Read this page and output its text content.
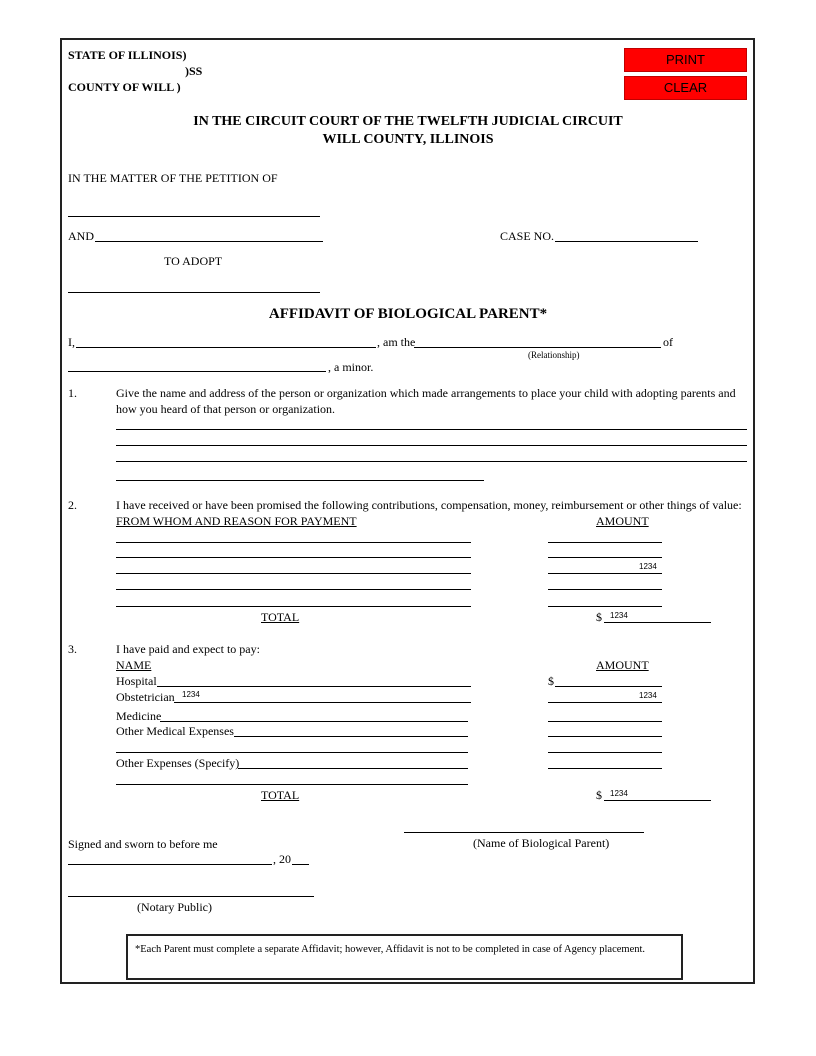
STATE OF ILLINOIS)
)SS
COUNTY OF WILL )
PRINT
CLEAR
IN THE CIRCUIT COURT OF THE TWELFTH JUDICIAL CIRCUIT
WILL COUNTY, ILLINOIS
IN THE MATTER OF THE PETITION OF
AND	CASE NO.
TO ADOPT
AFFIDAVIT OF BIOLOGICAL PARENT*
I,	, am the	of
(Relationship)
, a minor.
1.	Give the name and address of the person or organization which made arrangements to place your child with adopting parents and
how you heard of that person or organization.
2.	I have received or have been promised the following contributions, compensation, money, reimbursement or other things of value:
FROM WHOM AND REASON FOR PAYMENT	AMOUNT
1234
TOTAL	$ 1234
3.	I have paid and expect to pay:
NAME	AMOUNT
Hospital	$
Obstetrician 1234	1234
Medicine
Other Medical Expenses
Other Expenses (Specify)
TOTAL	$ 1234
(Name of Biological Parent)
Signed and sworn to before me
, 20
(Notary Public)
*Each Parent must complete a separate Affidavit; however, Affidavit is not to be completed in case of Agency placement.
